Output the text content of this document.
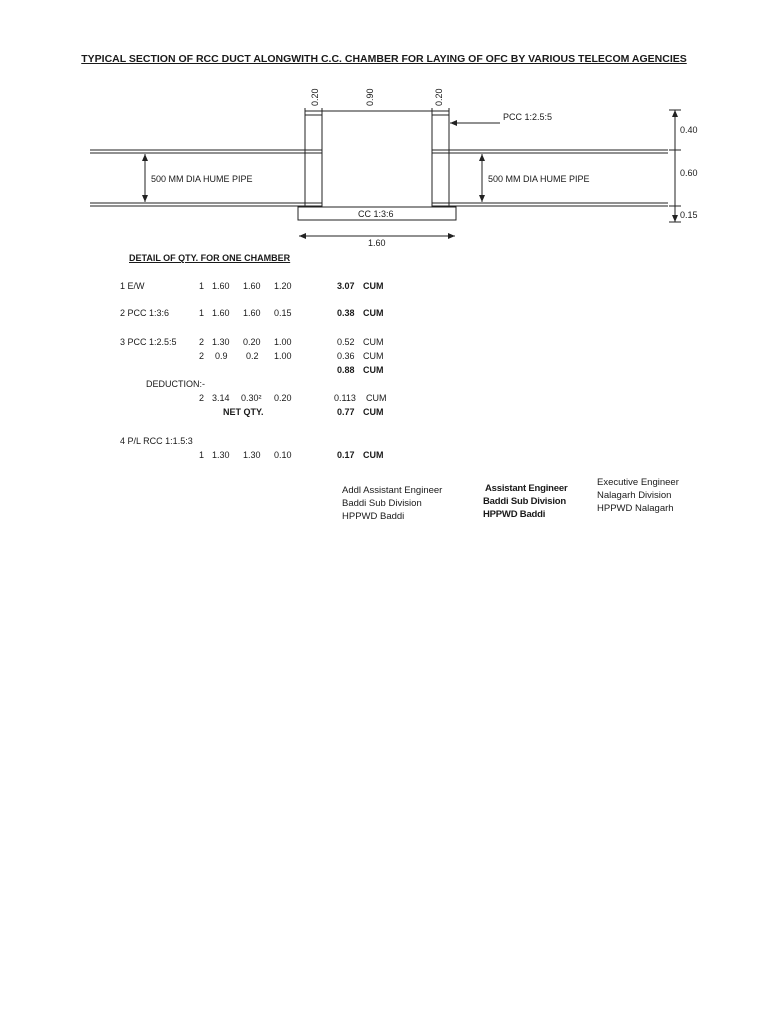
TYPICAL SECTION OF RCC DUCT ALONGWITH C.C. CHAMBER FOR LAYING OF OFC BY VARIOUS TELECOM AGENCIES
0.20	0.90	0.20
PCC 1:2.5:5
500 MM DIA HUME PIPE	500 MM DIA HUME PIPE
CC 1:3:6
1.60
0.40
0.60
0.15
DETAIL OF QTY. FOR ONE CHAMBER
1 E/W	1 1.60 1.60 1.20	3.07 CUM
2 PCC 1:3:6	1 1.60 1.60 0.15	0.38 CUM
3 PCC 1:2.5:5	2 1.30 0.20 1.00	0.52 CUM
2 0.9 0.2 1.00	0.36 CUM
0.88 CUM
DEDUCTION:-
2 3.14 0.30² 0.20	0.113 CUM
NET QTY.	0.77 CUM
4 P/L RCC 1:1.5:3
1 1.30 1.30 0.10	0.17 CUM
Addl Assistant Engineer
Baddi Sub Division
HPPWD Baddi
Assistant Engineer
Baddi Sub Division
HPPWD Baddi
Executive Engineer
Nalagarh Division
HPPWD Nalagarh
